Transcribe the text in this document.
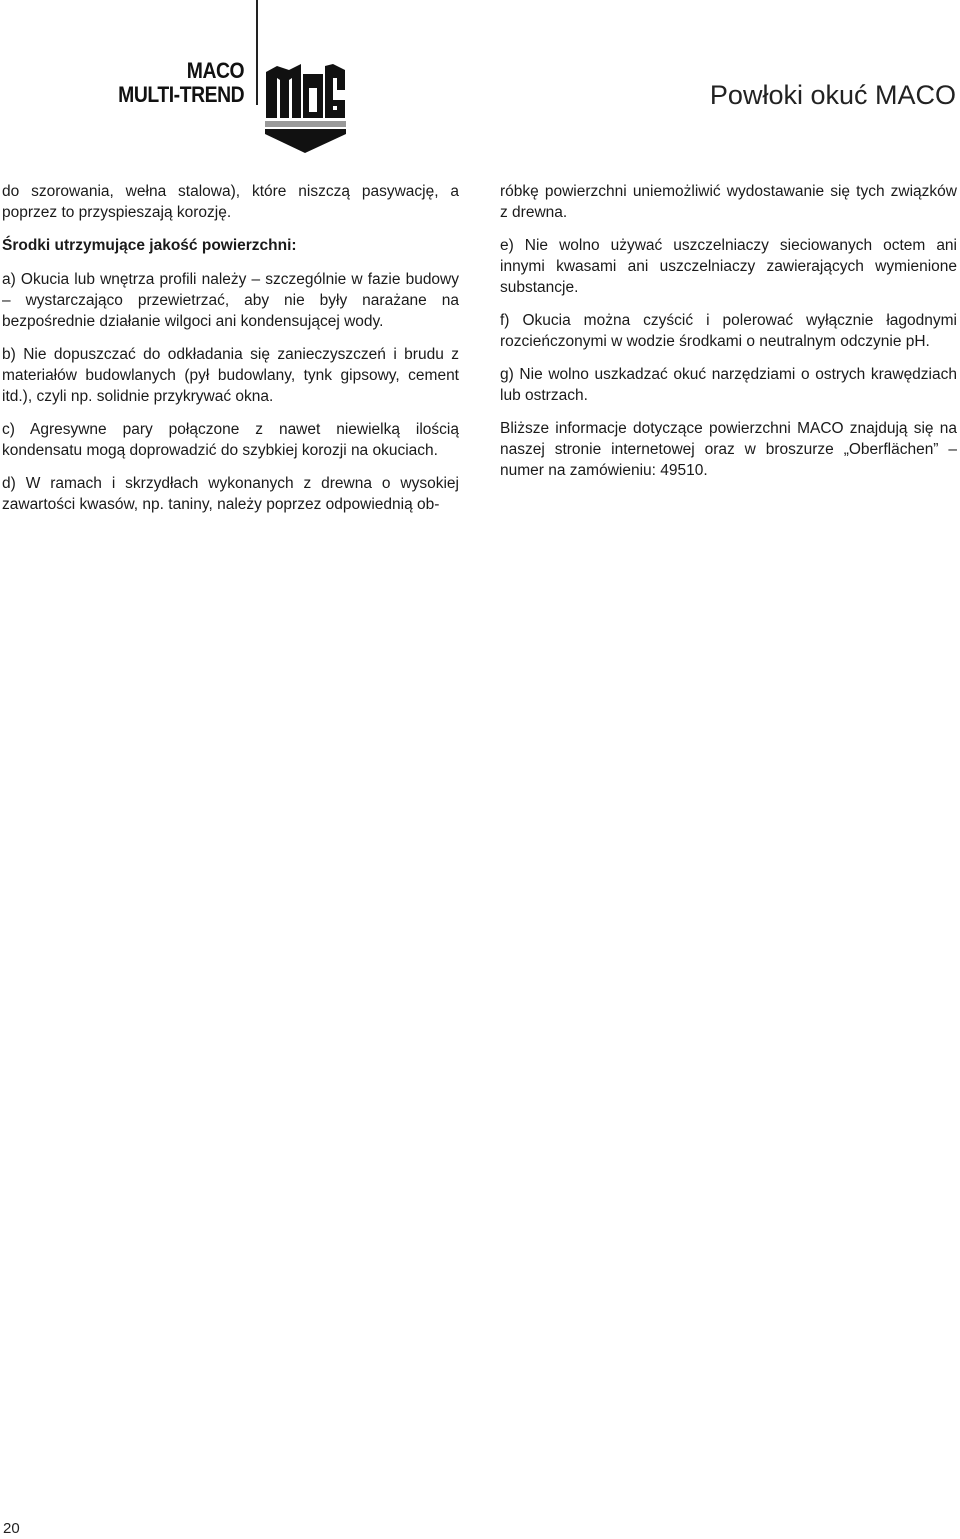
MACO
MULTI-TREND	Powłoki okuć MACO

do szorowania, wełna stalowa), które niszczą pasywację, a poprzez to przyspieszają korozję.

Środki utrzymujące jakość powierzchni:

a) Okucia lub wnętrza profili należy – szczególnie w fazie budowy – wystarczająco przewietrzać, aby nie były narażane na bezpośrednie działanie wilgoci ani kondensującej wody.

b) Nie dopuszczać do odkładania się zanieczyszczeń i brudu z materiałów budowlanych (pył budowlany, tynk gipsowy, cement itd.), czyli np. solidnie przykrywać okna.

c) Agresywne pary połączone z nawet niewielką ilością kondensatu mogą doprowadzić do szybkiej korozji na okuciach.

d) W ramach i skrzydłach wykonanych z drewna o wysokiej zawartości kwasów, np. taniny, należy poprzez odpowiednią ob-

róbkę powierzchni uniemożliwić wydostawanie się tych związków z drewna.

e) Nie wolno używać uszczelniaczy sieciowanych octem ani innymi kwasami ani uszczelniaczy zawierających wymienione substancje.

f) Okucia można czyścić i polerować wyłącznie łagodnymi rozcieńczonymi w wodzie środkami o neutralnym odczynie pH.

g) Nie wolno uszkadzać okuć narzędziami o ostrych krawędziach lub ostrzach.

Bliższe informacje dotyczące powierzchni MACO znajdują się na naszej stronie internetowej oraz w broszurze „Oberflächen” – numer na zamówieniu: 49510.

20
